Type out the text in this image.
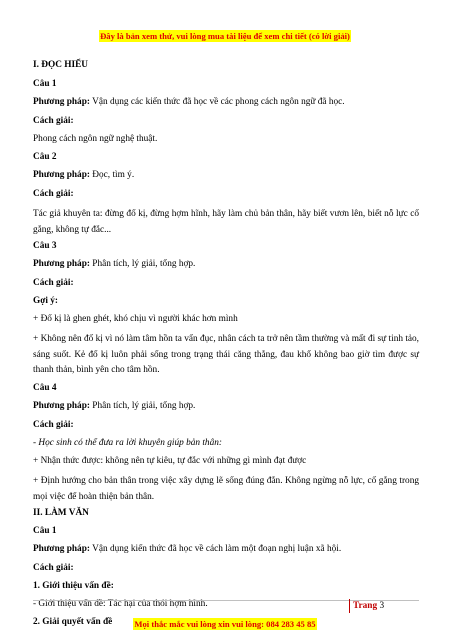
Đây là bản xem thử, vui lòng mua tài liệu để xem chi tiết (có lời giải)
I. ĐỌC HIỂU
Câu 1
Phương pháp: Vận dụng các kiến thức đã học về các phong cách ngôn ngữ đã học.
Cách giải:
Phong cách ngôn ngữ nghệ thuật.
Câu 2
Phương pháp: Đọc, tìm ý.
Cách giải:
Tác giả khuyên ta: đừng đố kị, đừng hợm hĩnh, hãy làm chủ bản thân, hãy biết vươn lên, biết nỗ lực cố gắng, không tự đắc...
Câu 3
Phương pháp: Phân tích, lý giải, tổng hợp.
Cách giải:
Gợi ý:
+ Đố kị là ghen ghét, khó chịu vì người khác hơn mình
+ Không nên đố kị vì nó làm tâm hồn ta vẩn đục, nhân cách ta trở nên tầm thường và mất đi sự tinh tảo, sáng suốt. Kẻ đố kị luôn phải sống trong trạng thái căng thẳng, đau khổ không bao giờ tìm được sự thanh thản, bình yên cho tâm hồn.
Câu 4
Phương pháp: Phân tích, lý giải, tổng hợp.
Cách giải:
- Học sinh có thể đưa ra lời khuyên giúp bản thân:
+ Nhận thức được: không nên tự kiêu, tự đắc với những gì mình đạt được
+ Định hướng cho bản thân trong việc xây dựng lẽ sống đúng đắn. Không ngừng nỗ lực, cố gắng trong mọi việc để hoàn thiện bản thân.
II. LÀM VĂN
Câu 1
Phương pháp: Vận dụng kiến thức đã học về cách làm một đoạn nghị luận xã hội.
Cách giải:
1. Giới thiệu vấn đề:
- Giới thiệu vấn đề: Tác hại của thói hợm hĩnh.
2. Giải quyết vấn đề
Trang 3
Mọi thắc mắc vui lòng xin vui lòng: 084 283 45 85
